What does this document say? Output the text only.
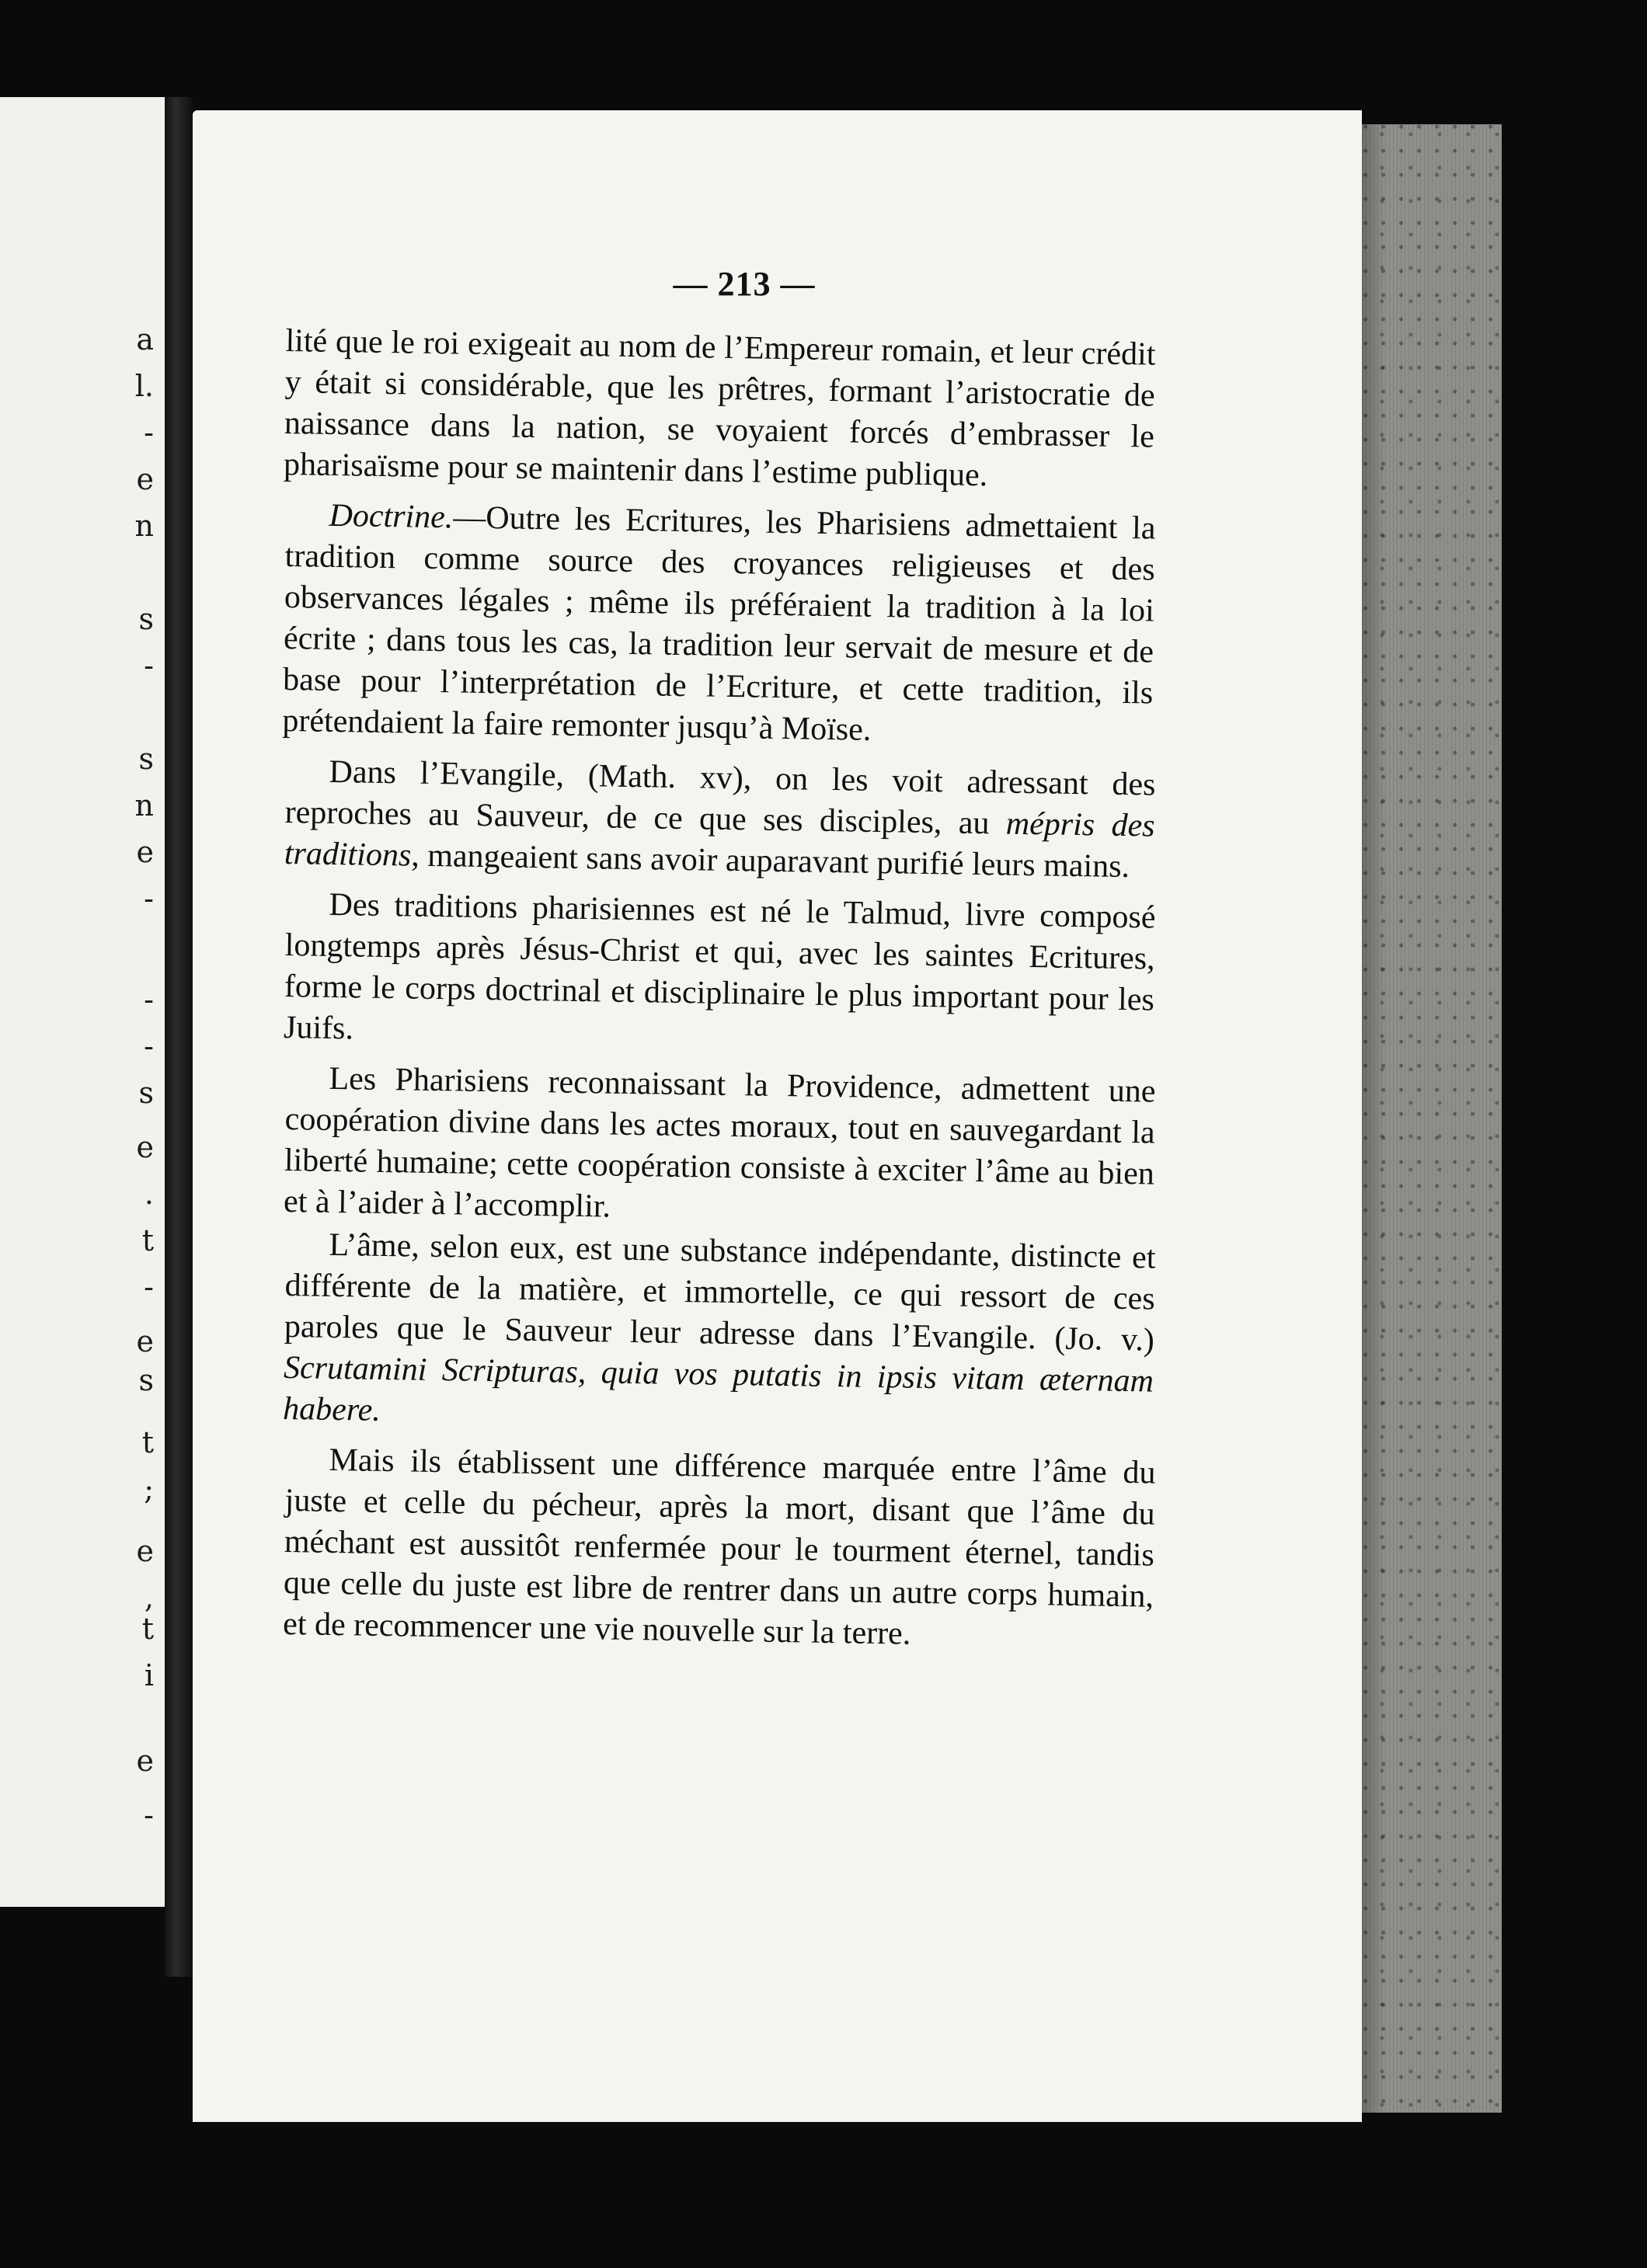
a
l.
-
e
n
s
-
s
n
e
-
-
-
s
e
.
t
-
e
s
t
;
e
,
t
i
e
-
— 213 —

lité que le roi exigeait au nom de l’Empereur romain, et leur crédit y était si considérable, que les prêtres, formant l’aristocratie de naissance dans la nation, se voyaient forcés d’embrasser le pharisaïsme pour se maintenir dans l’estime publique.

Doctrine.—Outre les Ecritures, les Pharisiens admettaient la tradition comme source des croyances religieuses et des observances légales ; même ils préféraient la tradition à la loi écrite ; dans tous les cas, la tradition leur servait de mesure et de base pour l’interprétation de l’Ecriture, et cette tradition, ils prétendaient la faire remonter jusqu’à Moïse.

Dans l’Evangile, (Math. xv), on les voit adressant des reproches au Sauveur, de ce que ses disciples, au mépris des traditions, mangeaient sans avoir auparavant purifié leurs mains.

Des traditions pharisiennes est né le Talmud, livre composé longtemps après Jésus-Christ et qui, avec les saintes Ecritures, forme le corps doctrinal et disciplinaire le plus important pour les Juifs.

Les Pharisiens reconnaissant la Providence, admettent une coopération divine dans les actes moraux, tout en sauvegardant la liberté humaine; cette coopération consiste à exciter l’âme au bien et à l’aider à l’accomplir.

L’âme, selon eux, est une substance indépendante, distincte et différente de la matière, et immortelle, ce qui ressort de ces paroles que le Sauveur leur adresse dans l’Evangile. (Jo. v.) Scrutamini Scripturas, quia vos putatis in ipsis vitam æternam habere.

Mais ils établissent une différence marquée entre l’âme du juste et celle du pécheur, après la mort, disant que l’âme du méchant est aussitôt renfermée pour le tourment éternel, tandis que celle du juste est libre de rentrer dans un autre corps humain, et de recommencer une vie nouvelle sur la terre.
